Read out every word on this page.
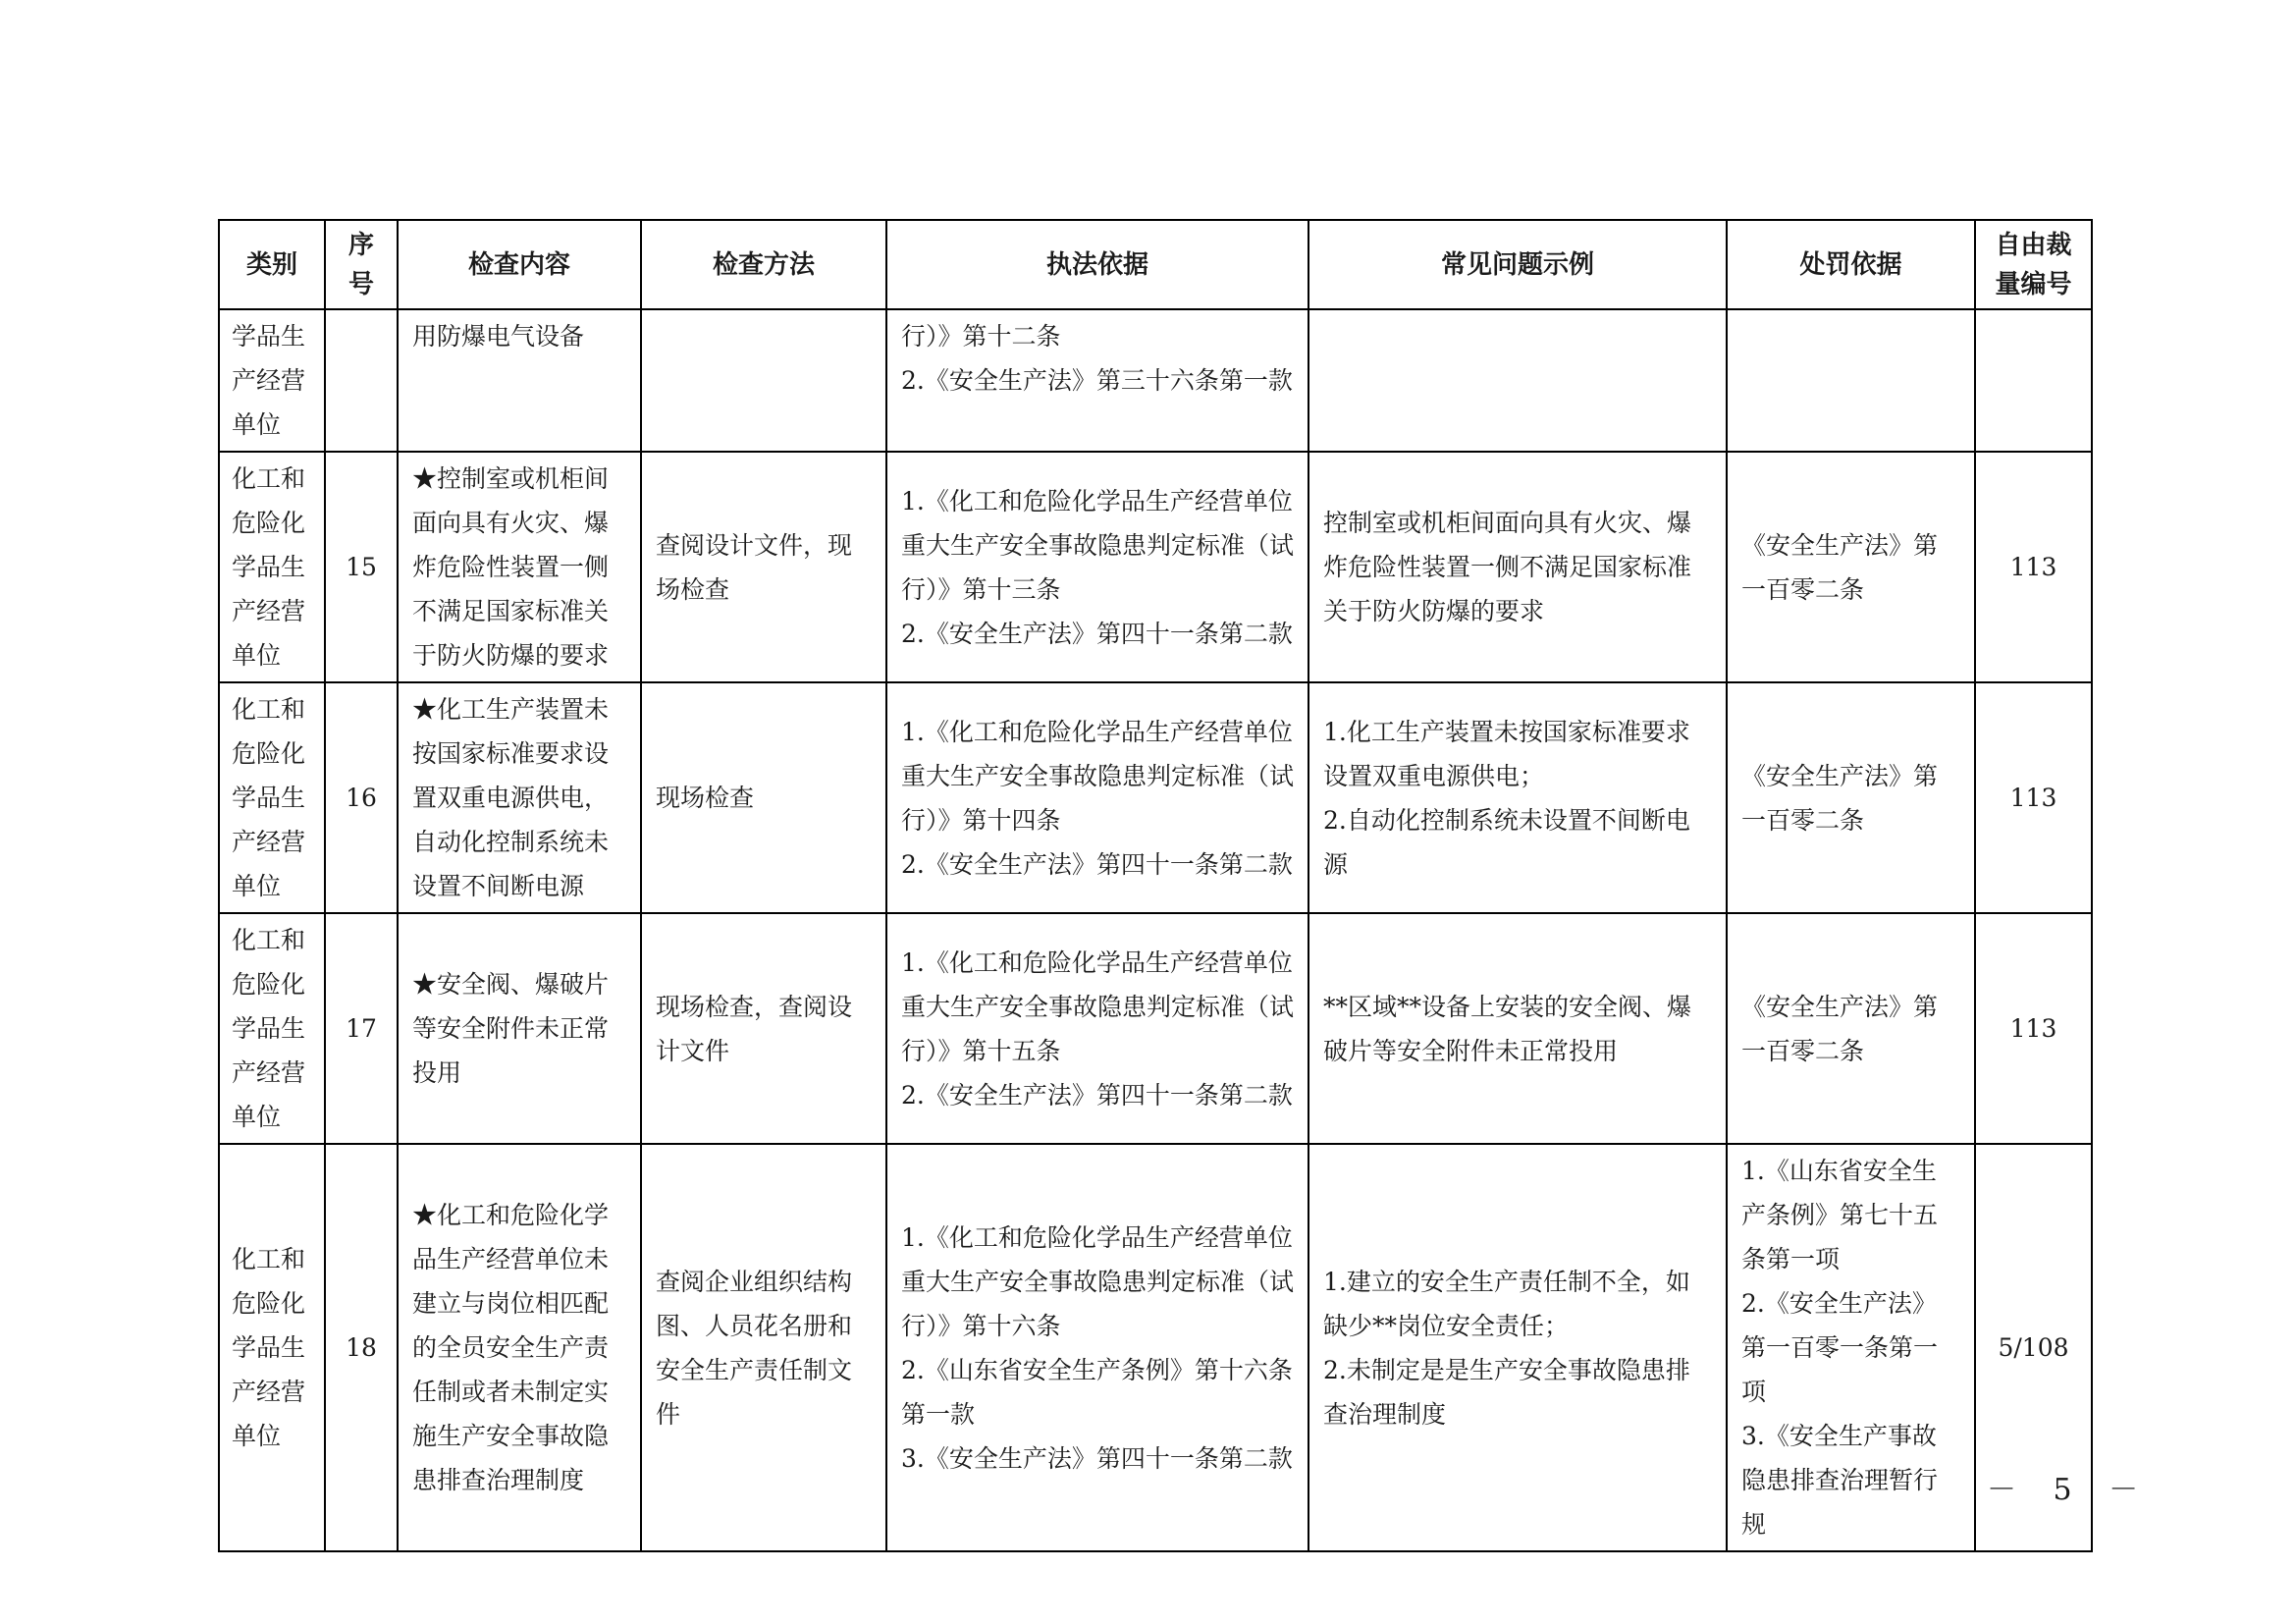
类别	序号	检查内容	检查方法	执法依据	常见问题示例	处罚依据	自由裁量编号
学品生产经营单位		用防爆电气设备		行）》第十二条
2.《安全生产法》第三十六条第一款			
化工和危险化学品生产经营单位	15	★控制室或机柜间面向具有火灾、爆炸危险性装置一侧不满足国家标准关于防火防爆的要求	查阅设计文件，现场检查	1.《化工和危险化学品生产经营单位重大生产安全事故隐患判定标准（试行）》第十三条
2.《安全生产法》第四十一条第二款	控制室或机柜间面向具有火灾、爆炸危险性装置一侧不满足国家标准关于防火防爆的要求	《安全生产法》第一百零二条	113
化工和危险化学品生产经营单位	16	★化工生产装置未按国家标准要求设置双重电源供电，自动化控制系统未设置不间断电源	现场检查	1.《化工和危险化学品生产经营单位重大生产安全事故隐患判定标准（试行）》第十四条
2.《安全生产法》第四十一条第二款	1.化工生产装置未按国家标准要求设置双重电源供电；
2.自动化控制系统未设置不间断电源	《安全生产法》第一百零二条	113
化工和危险化学品生产经营单位	17	★安全阀、爆破片等安全附件未正常投用	现场检查，查阅设计文件	1.《化工和危险化学品生产经营单位重大生产安全事故隐患判定标准（试行）》第十五条
2.《安全生产法》第四十一条第二款	**区域**设备上安装的安全阀、爆破片等安全附件未正常投用	《安全生产法》第一百零二条	113
化工和危险化学品生产经营单位	18	★化工和危险化学品生产经营单位未建立与岗位相匹配的全员安全生产责任制或者未制定实施生产安全事故隐患排查治理制度	查阅企业组织结构图、人员花名册和安全生产责任制文件	1.《化工和危险化学品生产经营单位重大生产安全事故隐患判定标准（试行）》第十六条
2.《山东省安全生产条例》第十六条第一款
3.《安全生产法》第四十一条第二款	1.建立的安全生产责任制不全，如缺少**岗位安全责任；
2.未制定是是生产安全事故隐患排查治理制度	1.《山东省安全生产条例》第七十五条第一项
2.《安全生产法》第一百零一条第一项
3.《安全生产事故隐患排查治理暂行规	5/108
－ 5 －
